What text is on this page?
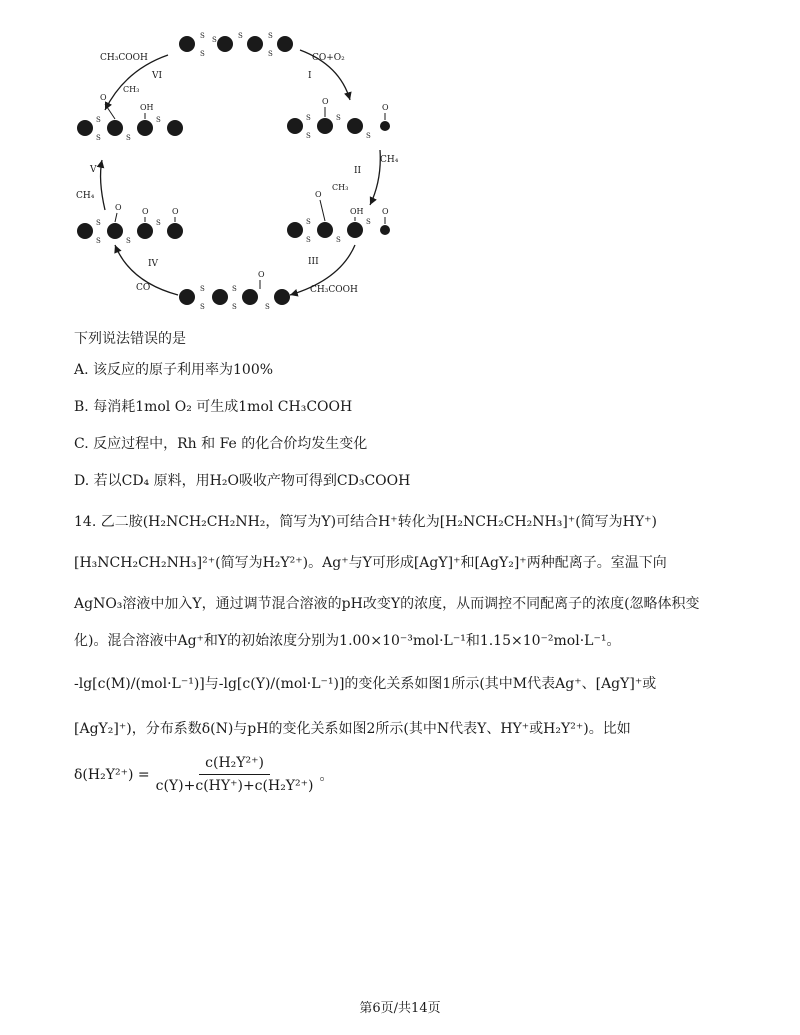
S
S
S	S	S
S
S
S
S
S
S
S	S
S
S
S	S
S	S
S	S
S
S
S
S
S	S
O
O
O
OH
O	O	O
O
OH O
O
CH₃
CH₃
CH₃COOH	CO+O₂
CH₄
CH₃COOH
CO
CH₄
VI	I
II
III
IV
V
下列说法错误的是
A. 该反应的原子利用率为100%
B. 每消耗1mol O₂ 可生成1mol CH₃COOH
C. 反应过程中，Rh 和 Fe 的化合价均发生变化
D. 若以CD₄ 原料，用H₂O吸收产物可得到CD₃COOH
14. 乙二胺(H₂NCH₂CH₂NH₂，简写为Y)可结合H⁺转化为[H₂NCH₂CH₂NH₃]⁺(简写为HY⁺)
[H₃NCH₂CH₂NH₃]²⁺(简写为H₂Y²⁺)。Ag⁺与Y可形成[AgY]⁺和[AgY₂]⁺两种配离子。室温下向
AgNO₃溶液中加入Y，通过调节混合溶液的pH改变Y的浓度，从而调控不同配离子的浓度(忽略体积变
化)。混合溶液中Ag⁺和Y的初始浓度分别为1.00×10⁻³mol·L⁻¹和1.15×10⁻²mol·L⁻¹。
-lg[c(M)/(mol·L⁻¹)]与-lg[c(Y)/(mol·L⁻¹)]的变化关系如图1所示(其中M代表Ag⁺、[AgY]⁺或
[AgY₂]⁺)，分布系数δ(N)与pH的变化关系如图2所示(其中N代表Y、HY⁺或H₂Y²⁺)。比如
$\delta(H_2Y^{2+}) = \frac{\text{c(H₂Y²⁺)}}{\text{c(Y)+c(HY⁺)+c(H₂Y²⁺)}}$ 。
第6页/共14页
